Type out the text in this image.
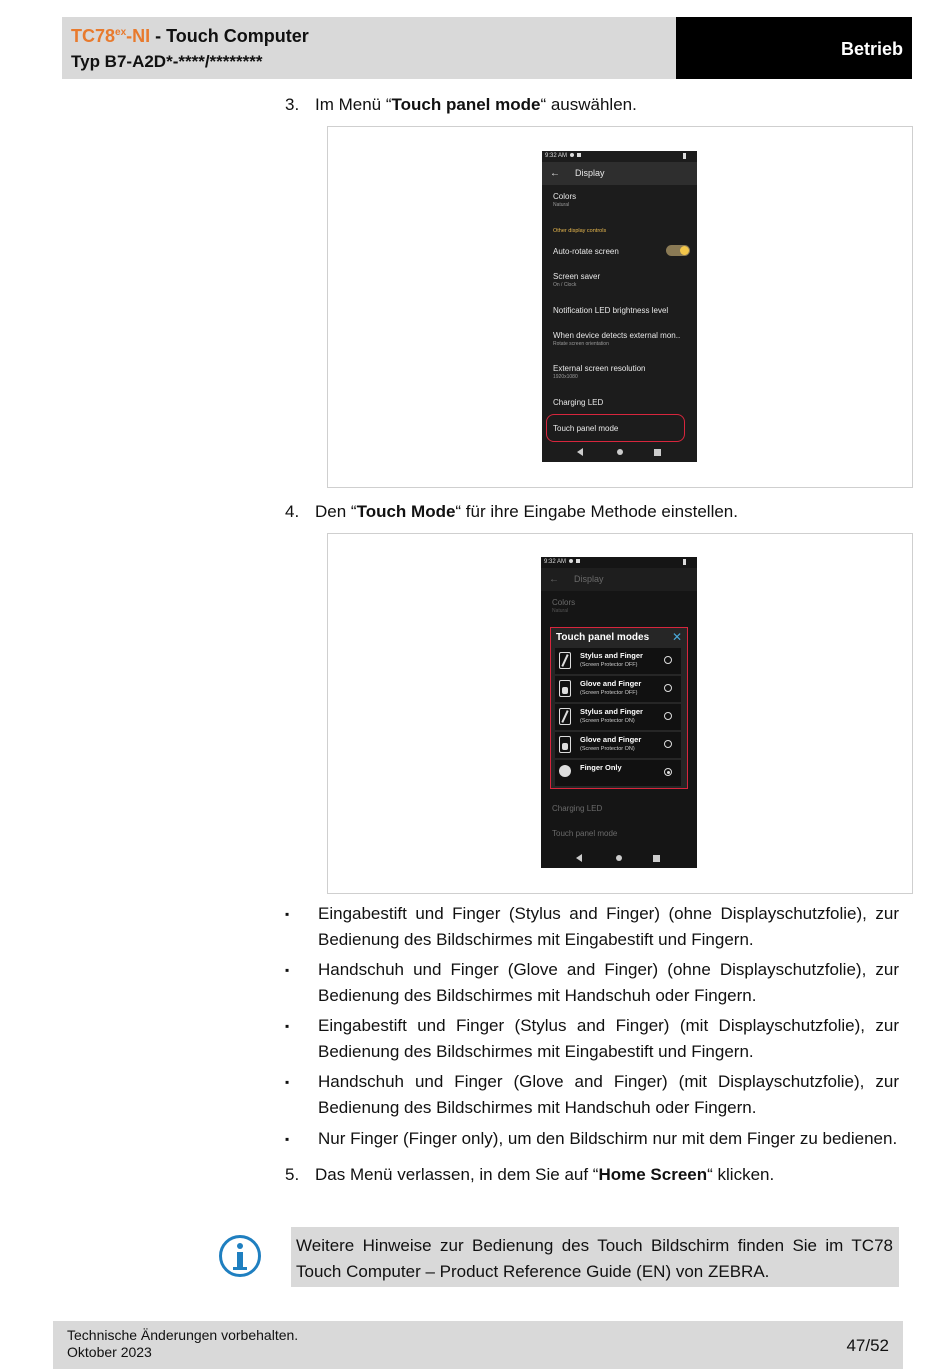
$TC78^{ex}-NI$ - Touch Computer
Typ B7-A2D*-****/********
Betrieb
3. Im Menü “Touch panel mode“ auswählen.
9:32 AM
← Display
Colors
Natural
Other display controls
Auto-rotate screen
Screen saver
On / Clock
Notification LED brightness level
When device detects external mon..
Rotate screen orientation
External screen resolution
1920x1080
Charging LED
Touch panel mode
4. Den “Touch Mode“ für ihre Eingabe Methode einstellen.
9:32 AM
← Display
Colors
Natural
Touch panel modes ✕
Stylus and Finger
(Screen Protector OFF)
Glove and Finger
(Screen Protector OFF)
Stylus and Finger
(Screen Protector ON)
Glove and Finger
(Screen Protector ON)
Finger Only
Charging LED
Touch panel mode
▪ Eingabestift und Finger (Stylus and Finger) (ohne Displayschutzfolie), zur Bedienung des Bildschirmes mit Eingabestift und Fingern.
▪ Handschuh und Finger (Glove and Finger) (ohne Displayschutzfolie), zur Bedienung des Bildschirmes mit Handschuh oder Fingern.
▪ Eingabestift und Finger (Stylus and Finger) (mit Displayschutzfolie), zur Bedienung des Bildschirmes mit Eingabestift und Fingern.
▪ Handschuh und Finger (Glove and Finger) (mit Displayschutzfolie), zur Bedienung des Bildschirmes mit Handschuh oder Fingern.
▪ Nur Finger (Finger only), um den Bildschirm nur mit dem Finger zu bedienen.
5. Das Menü verlassen, in dem Sie auf “Home Screen“ klicken.
Weitere Hinweise zur Bedienung des Touch Bildschirm finden Sie im TC78 Touch Computer – Product Reference Guide (EN) von ZEBRA.
Technische Änderungen vorbehalten.
Oktober 2023	47/52
